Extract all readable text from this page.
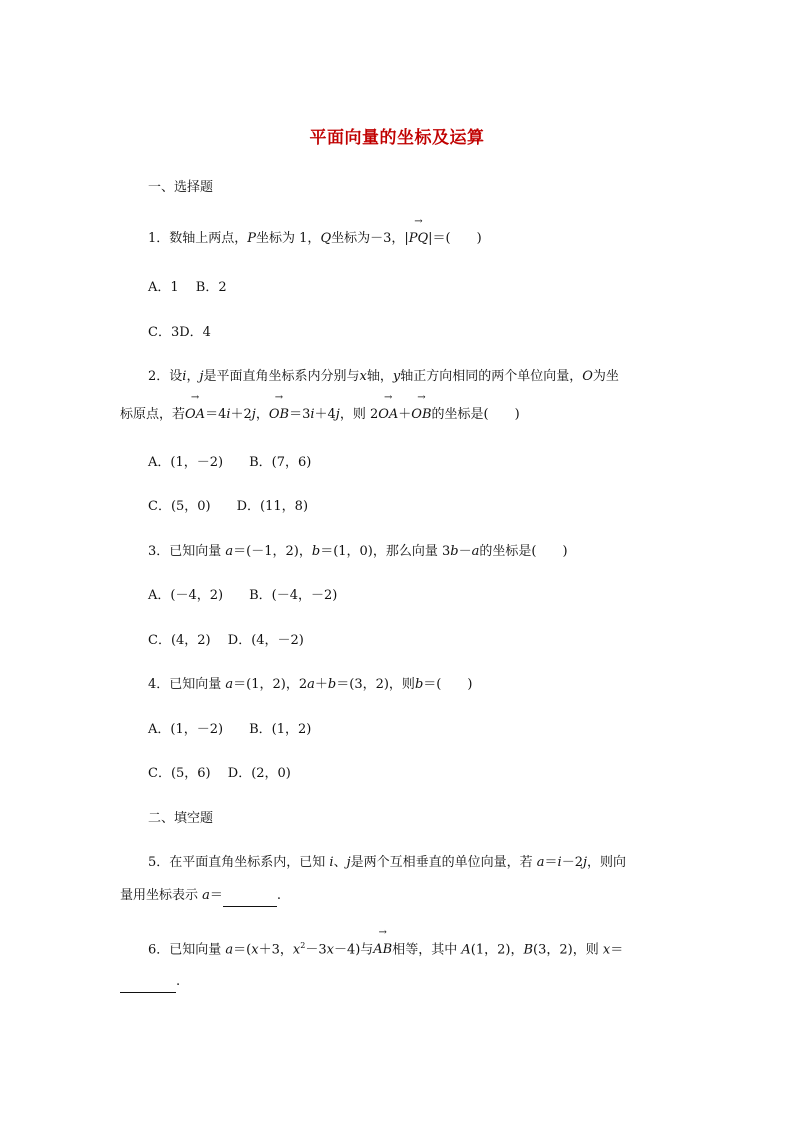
平面向量的坐标及运算
一、选择题
1．数轴上两点，P坐标为 1，Q坐标为－3，|→ PQ|＝(　　)
A．1　 B．2
C．3D．4
2．设i，j是平面直角坐标系内分别与x轴，y轴正方向相同的两个单位向量，O为坐
标原点，若→ OA＝4i＋2j，→ OB＝3i＋4j，则 2→ OA＋→ OB的坐标是(　　)
A．(1，－2)　　B．(7，6)
C．(5，0)　　D．(11，8)
3．已知向量 a＝(－1，2)，b＝(1，0)，那么向量 3b－a的坐标是(　　)
A．(－4，2)　　B．(－4，－2)
C．(4，2)　 D．(4，－2)
4．已知向量 a＝(1，2)，2a＋b＝(3，2)，则b＝(　　)
A．(1，－2)　　B．(1，2)
C．(5，6)　 D．(2，0)
二、填空题
5．在平面直角坐标系内，已知 i、j是两个互相垂直的单位向量，若 a＝i－2j，则向
量用坐标表示 a＝	.
6．已知向量 a＝(x＋3，$x^2-3x-4$)与→ AB相等，其中 A(1，2)，B(3，2)，则 x＝
.
